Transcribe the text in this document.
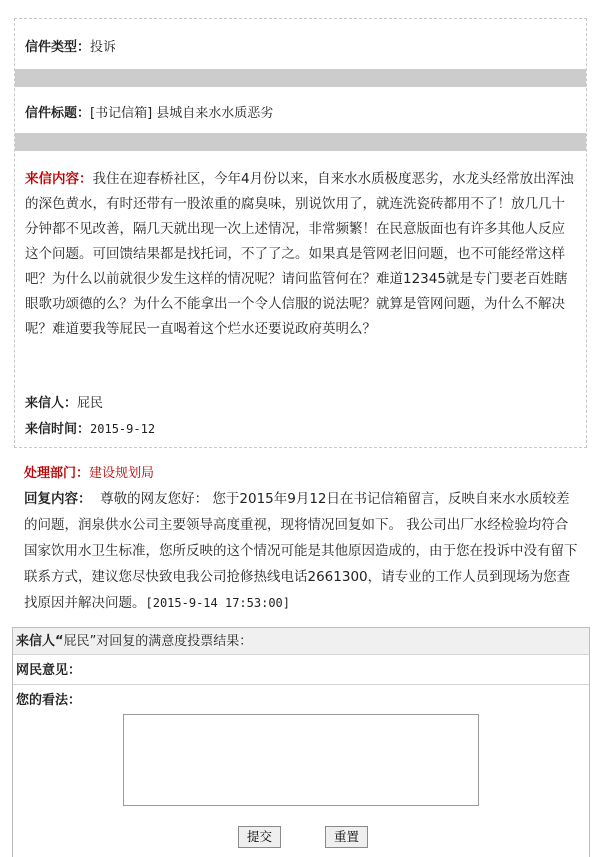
信件类型：投诉
信件标题：[书记信箱] 县城自来水水质恶劣
来信内容：我住在迎春桥社区，今年4月份以来，自来水水质极度恶劣，水龙头经常放出浑浊的深色黄水，有时还带有一股浓重的腐臭味，别说饮用了，就连洗瓷砖都用不了！放几几十分钟都不见改善，隔几天就出现一次上述情况，非常频繁！在民意版面也有许多其他人反应这个问题。可回馈结果都是找托词，不了了之。如果真是管网老旧问题，也不可能经常这样吧？为什么以前就很少发生这样的情况呢？请问监管何在？难道12345就是专门要老百姓瞎眼歌功颂德的么？为什么不能拿出一个令人信服的说法呢？就算是管网问题，为什么不解决呢？难道要我等屁民一直喝着这个烂水还要说政府英明么？
来信人：屁民
来信时间：2015-9-12
处理部门：建设规划局
回复内容： 尊敬的网友您好： 您于2015年9月12日在书记信箱留言，反映自来水水质较差的问题，润泉供水公司主要领导高度重视，现将情况回复如下。 我公司出厂水经检验均符合国家饮用水卫生标准，您所反映的这个情况可能是其他原因造成的，由于您在投诉中没有留下联系方式，建议您尽快致电我公司抢修热线电话2661300，请专业的工作人员到现场为您查找原因并解决问题。[2015-9-14 17:53:00]
来信人“屁民”对回复的满意度投票结果：
网民意见：
您的看法：
提交	重置
